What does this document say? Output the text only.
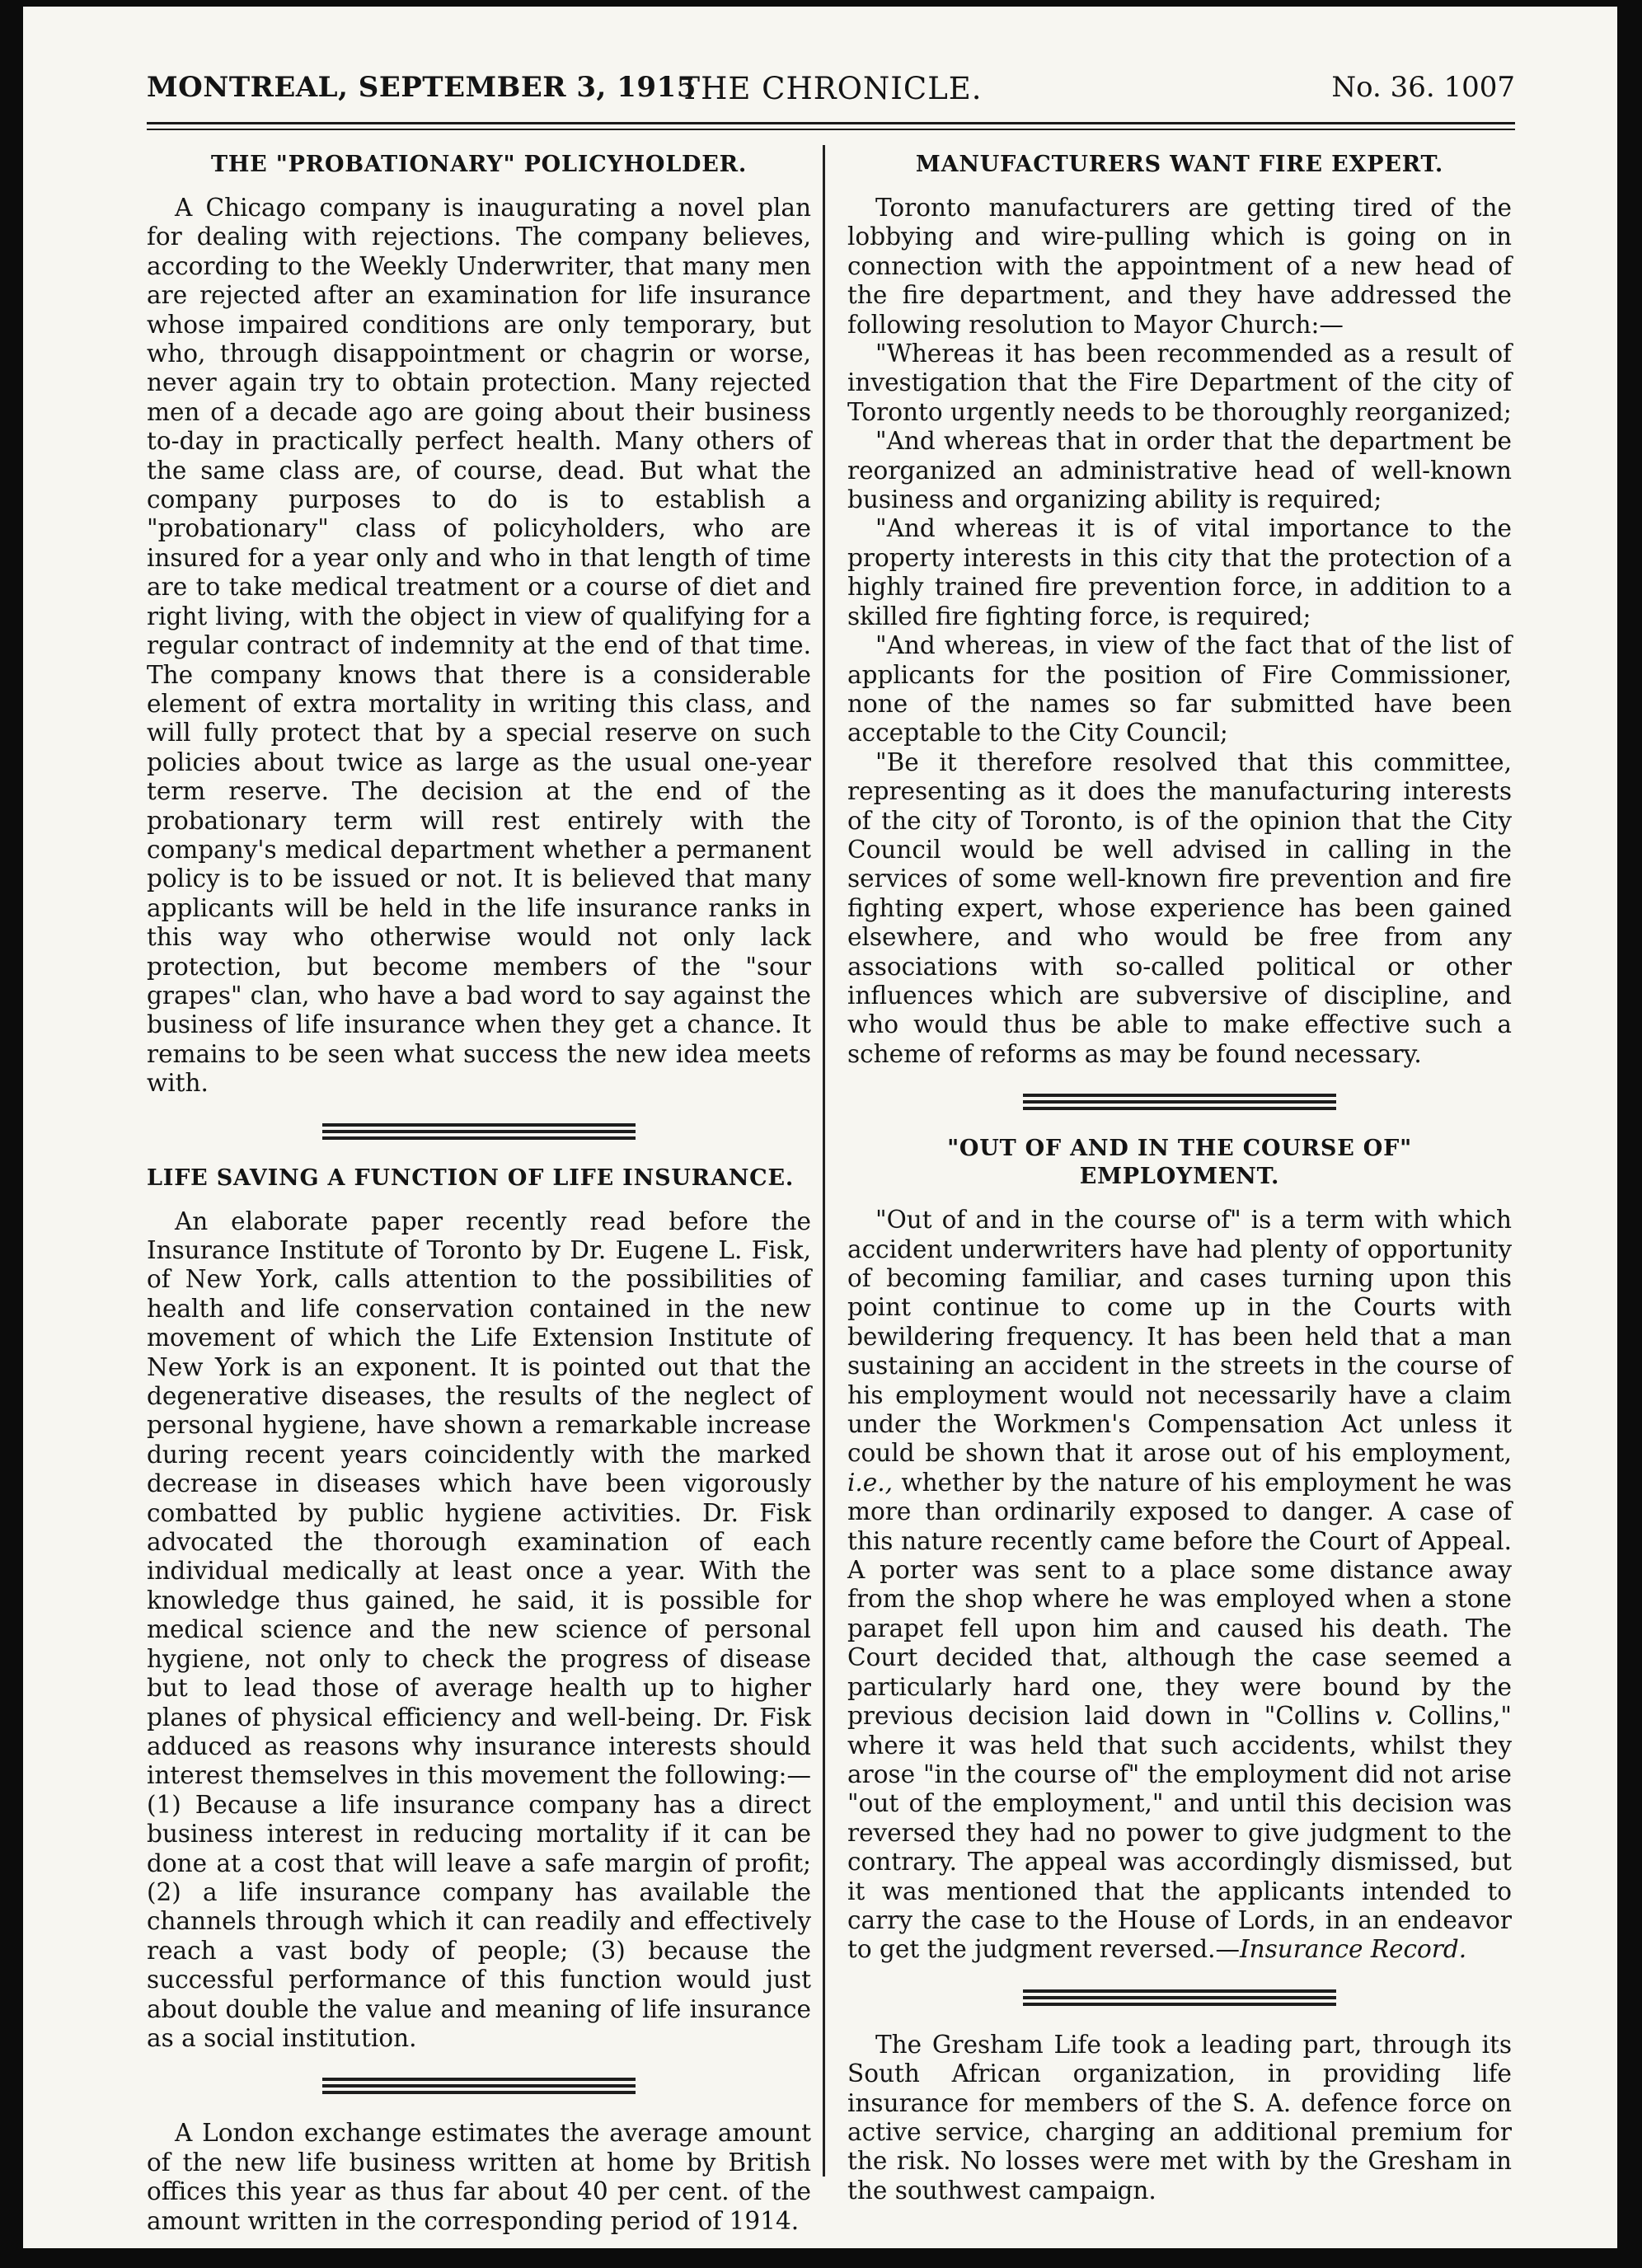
MONTREAL, SEPTEMBER 3, 1915
THE CHRONICLE.	No. 36. 1007
THE "PROBATIONARY" POLICYHOLDER.

A Chicago company is inaugurating a novel plan for dealing with rejections. The company believes, according to the Weekly Underwriter, that many men are rejected after an examination for life insurance whose impaired conditions are only temporary, but who, through disappointment or chagrin or worse, never again try to obtain protection. Many rejected men of a decade ago are going about their business to-day in practically perfect health. Many others of the same class are, of course, dead. But what the company purposes to do is to establish a "probationary" class of policyholders, who are insured for a year only and who in that length of time are to take medical treatment or a course of diet and right living, with the object in view of qualifying for a regular contract of indemnity at the end of that time. The company knows that there is a considerable element of extra mortality in writing this class, and will fully protect that by a special reserve on such policies about twice as large as the usual one-year term reserve. The decision at the end of the probationary term will rest entirely with the company's medical department whether a permanent policy is to be issued or not. It is believed that many applicants will be held in the life insurance ranks in this way who otherwise would not only lack protection, but become members of the "sour grapes" clan, who have a bad word to say against the business of life insurance when they get a chance. It remains to be seen what success the new idea meets with.

LIFE SAVING A FUNCTION OF LIFE INSURANCE.

An elaborate paper recently read before the Insurance Institute of Toronto by Dr. Eugene L. Fisk, of New York, calls attention to the possibilities of health and life conservation contained in the new movement of which the Life Extension Institute of New York is an exponent. It is pointed out that the degenerative diseases, the results of the neglect of personal hygiene, have shown a remarkable increase during recent years coincidently with the marked decrease in diseases which have been vigorously combatted by public hygiene activities. Dr. Fisk advocated the thorough examination of each individual medically at least once a year. With the knowledge thus gained, he said, it is possible for medical science and the new science of personal hygiene, not only to check the progress of disease but to lead those of average health up to higher planes of physical efficiency and well-being. Dr. Fisk adduced as reasons why insurance interests should interest themselves in this movement the following:— (1) Because a life insurance company has a direct business interest in reducing mortality if it can be done at a cost that will leave a safe margin of profit; (2) a life insurance company has available the channels through which it can readily and effectively reach a vast body of people; (3) because the successful performance of this function would just about double the value and meaning of life insurance as a social institution.

A London exchange estimates the average amount of the new life business written at home by British offices this year as thus far about 40 per cent. of the amount written in the corresponding period of 1914.

MANUFACTURERS WANT FIRE EXPERT.

Toronto manufacturers are getting tired of the lobbying and wire-pulling which is going on in connection with the appointment of a new head of the fire department, and they have addressed the following resolution to Mayor Church:—

"Whereas it has been recommended as a result of investigation that the Fire Department of the city of Toronto urgently needs to be thoroughly reorganized;

"And whereas that in order that the department be reorganized an administrative head of well-known business and organizing ability is required;

"And whereas it is of vital importance to the property interests in this city that the protection of a highly trained fire prevention force, in addition to a skilled fire fighting force, is required;

"And whereas, in view of the fact that of the list of applicants for the position of Fire Commissioner, none of the names so far submitted have been acceptable to the City Council;

"Be it therefore resolved that this committee, representing as it does the manufacturing interests of the city of Toronto, is of the opinion that the City Council would be well advised in calling in the services of some well-known fire prevention and fire fighting expert, whose experience has been gained elsewhere, and who would be free from any associations with so-called political or other influences which are subversive of discipline, and who would thus be able to make effective such a scheme of reforms as may be found necessary.

"OUT OF AND IN THE COURSE OF"
EMPLOYMENT.

"Out of and in the course of" is a term with which accident underwriters have had plenty of opportunity of becoming familiar, and cases turning upon this point continue to come up in the Courts with bewildering frequency. It has been held that a man sustaining an accident in the streets in the course of his employment would not necessarily have a claim under the Workmen's Compensation Act unless it could be shown that it arose out of his employment, i.e., whether by the nature of his employment he was more than ordinarily exposed to danger. A case of this nature recently came before the Court of Appeal. A porter was sent to a place some distance away from the shop where he was employed when a stone parapet fell upon him and caused his death. The Court decided that, although the case seemed a particularly hard one, they were bound by the previous decision laid down in "Collins v. Collins," where it was held that such accidents, whilst they arose "in the course of" the employment did not arise "out of the employment," and until this decision was reversed they had no power to give judgment to the contrary. The appeal was accordingly dismissed, but it was mentioned that the applicants intended to carry the case to the House of Lords, in an endeavor to get the judgment reversed.—Insurance Record.

The Gresham Life took a leading part, through its South African organization, in providing life insurance for members of the S. A. defence force on active service, charging an additional premium for the risk. No losses were met with by the Gresham in the southwest campaign.
